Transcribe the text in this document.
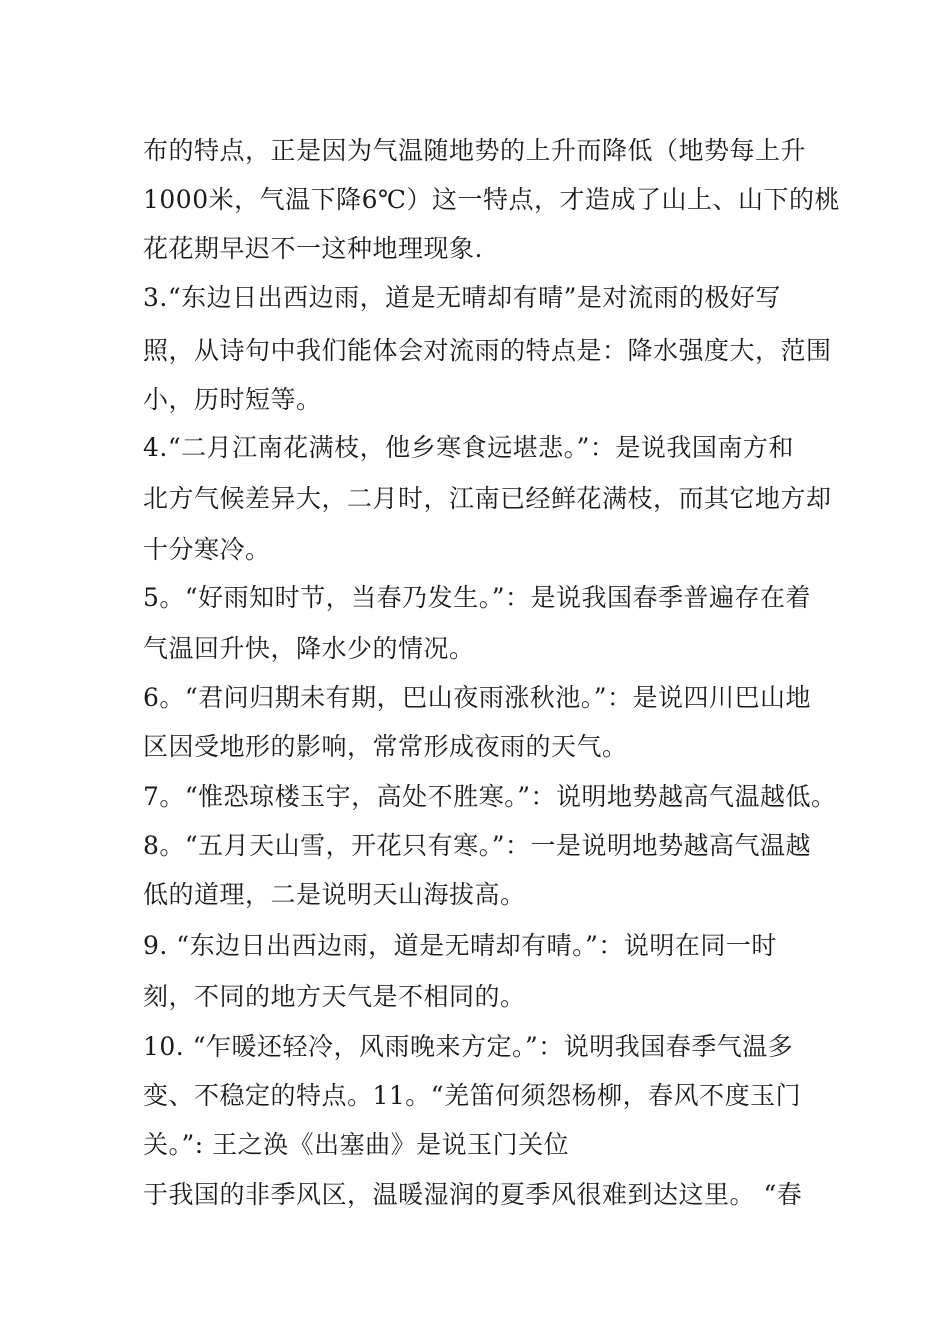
布的特点，正是因为气温随地势的上升而降低（地势每上升
1000米，气温下降6℃）这一特点，才造成了山上、山下的桃
花花期早迟不一这种地理现象.
3.“东边日出西边雨，道是无晴却有晴”是对流雨的极好写
照，从诗句中我们能体会对流雨的特点是：降水强度大，范围
小，历时短等。
4.“二月江南花满枝，他乡寒食远堪悲。”：是说我国南方和
北方气候差异大，二月时，江南已经鲜花满枝，而其它地方却
十分寒冷。
5。“好雨知时节，当春乃发生。”：是说我国春季普遍存在着
气温回升快，降水少的情况。
6。“君问归期未有期，巴山夜雨涨秋池。”：是说四川巴山地
区因受地形的影响，常常形成夜雨的天气。
7。“惟恐琼楼玉宇，高处不胜寒。”：说明地势越高气温越低。
8。“五月天山雪，开花只有寒。”：一是说明地势越高气温越
低的道理，二是说明天山海拔高。
9. “东边日出西边雨，道是无晴却有晴。”：说明在同一时
刻，不同的地方天气是不相同的。
10. “乍暖还轻冷，风雨晚来方定。”：说明我国春季气温多
变、不稳定的特点。11。“羌笛何须怨杨柳，春风不度玉门
关。”: 王之涣《出塞曲》是说玉门关位
于我国的非季风区，温暖湿润的夏季风很难到达这里。 “春
